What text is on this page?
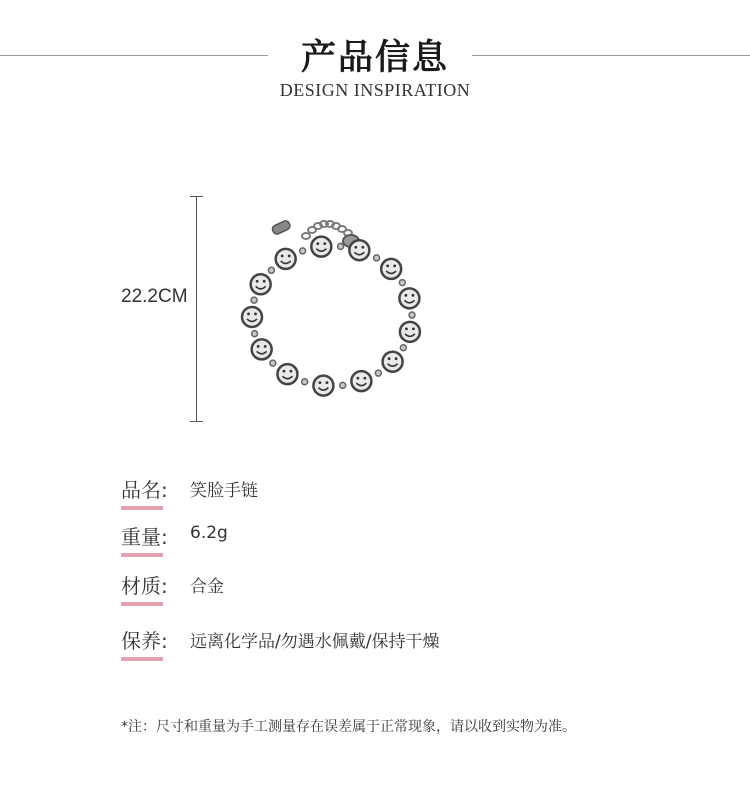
产品信息
DESIGN INSPIRATION
22.2CM
品名: 笑脸手链
重量: 6.2g
材质: 合金
保养: 远离化学品/勿遇水佩戴/保持干燥
*注：尺寸和重量为手工测量存在误差属于正常现象，请以收到实物为准。
